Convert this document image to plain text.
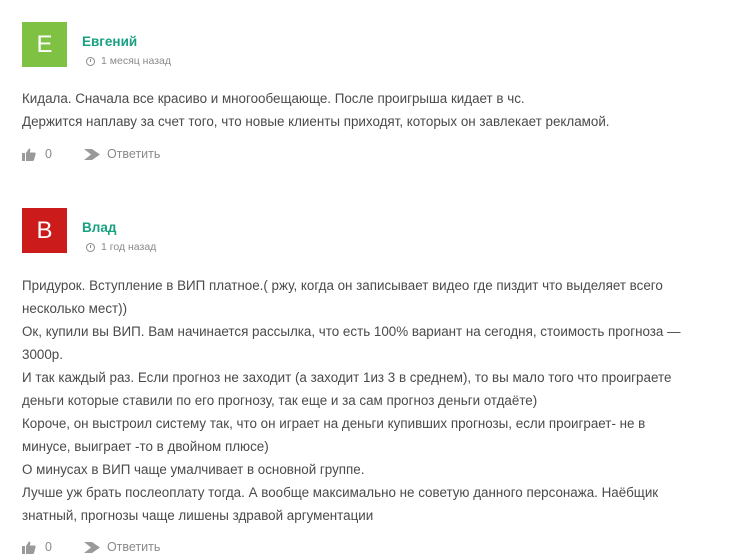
E Евгений
1 месяц назад

Кидала. Сначала все красиво и многообещающе. После проигрыша кидает в чс.

Держится наплаву за счет того, что новые клиенты приходят, которых он завлекает рекламой.

0	Ответить
В Влад
1 год назад

Придурок. Вступление в ВИП платное.( ржу, когда он записывает видео где пиздит что выделяет всего

несколько мест))

Ок, купили вы ВИП. Вам начинается рассылка, что есть 100% вариант на сегодня, стоимость прогноза —

3000р.

И так каждый раз. Если прогноз не заходит (а заходит 1из 3 в среднем), то вы мало того что проиграете

деньги которые ставили по его прогнозу, так еще и за сам прогноз деньги отдаёте)

Короче, он выстроил систему так, что он играет на деньги купивших прогнозы, если проиграет- не в

минусе, выиграет -то в двойном плюсе)

О минусах в ВИП чаще умалчивает в основной группе.

Лучше уж брать послеоплату тогда. А вообще максимально не советую данного персонажа. Наёбщик

знатный, прогнозы чаще лишены здравой аргументации

0	Ответить
